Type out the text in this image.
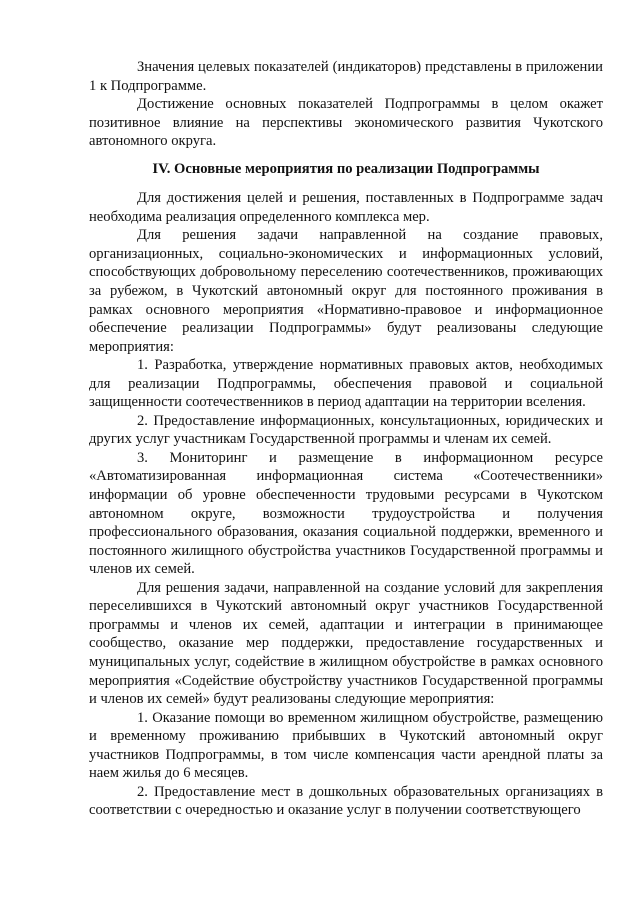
Значения целевых показателей (индикаторов) представлены в приложении 1 к Подпрограмме.

Достижение основных показателей Подпрограммы в целом окажет позитивное влияние на перспективы экономического развития Чукотского автономного округа.

IV. Основные мероприятия по реализации Подпрограммы

Для достижения целей и решения, поставленных в Подпрограмме задач необходима реализация определенного комплекса мер.

Для решения задачи направленной на создание правовых, организационных, социально-экономических и информационных условий, способствующих добровольному переселению соотечественников, проживающих за рубежом, в Чукотский автономный округ для постоянного проживания в рамках основного мероприятия «Нормативно-правовое и информационное обеспечение реализации Подпрограммы» будут реализованы следующие мероприятия:

1. Разработка, утверждение нормативных правовых актов, необходимых для реализации Подпрограммы, обеспечения правовой и социальной защищенности соотечественников в период адаптации на территории вселения.

2. Предоставление информационных, консультационных, юридических и других услуг участникам Государственной программы и членам их семей.

3. Мониторинг и размещение в информационном ресурсе «Автоматизированная информационная система «Соотечественники» информации об уровне обеспеченности трудовыми ресурсами в Чукотском автономном округе, возможности трудоустройства и получения профессионального образования, оказания социальной поддержки, временного и постоянного жилищного обустройства участников Государственной программы и членов их семей.

Для решения задачи, направленной на создание условий для закрепления переселившихся в Чукотский автономный округ участников Государственной программы и членов их семей, адаптации и интеграции в принимающее сообщество, оказание мер поддержки, предоставление государственных и муниципальных услуг, содействие в жилищном обустройстве в рамках основного мероприятия «Содействие обустройству участников Государственной программы и членов их семей» будут реализованы следующие мероприятия:

1. Оказание помощи во временном жилищном обустройстве, размещению и временному проживанию прибывших в Чукотский автономный округ участников Подпрограммы, в том числе компенсация части арендной платы за наем жилья до 6 месяцев.

2. Предоставление мест в дошкольных образовательных организациях в соответствии с очередностью и оказание услуг в получении соответствующего
